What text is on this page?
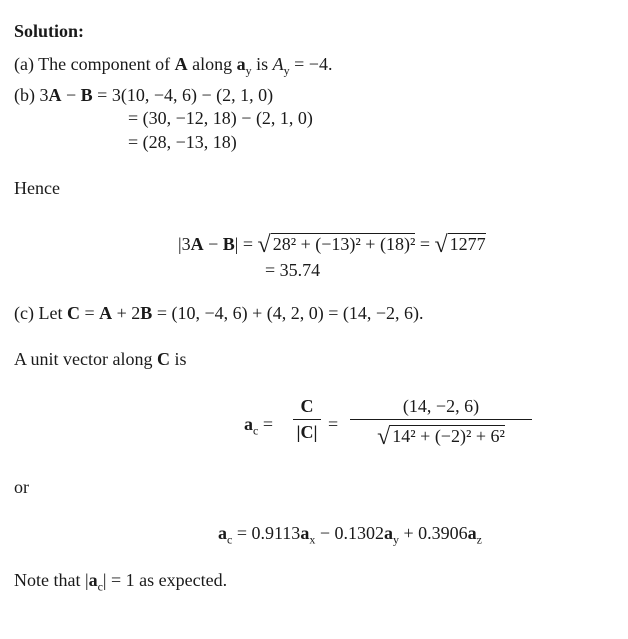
Solution:
(a) The component of A along $a_y$ is $A_y = -4$.
(b) 3A − B = 3(10, −4, 6) − (2, 1, 0)
= (30, −12, 18) − (2, 1, 0)
= (28, −13, 18)
Hence
|3A − B| = √ 28² + (−13)² + (18)² = √ 1277
= 35.74
(c) Let C = A + 2B = (10, −4, 6) + (4, 2, 0) = (14, −2, 6).
A unit vector along C is
$a_c$ =
C
|C| =
(14, −2, 6)
√ 14² + (−2)² + 6²
or
$a_c = 0.9113a_x - 0.1302a_y + 0.3906a_z$
Note that $|a_c| = 1$ as expected.
